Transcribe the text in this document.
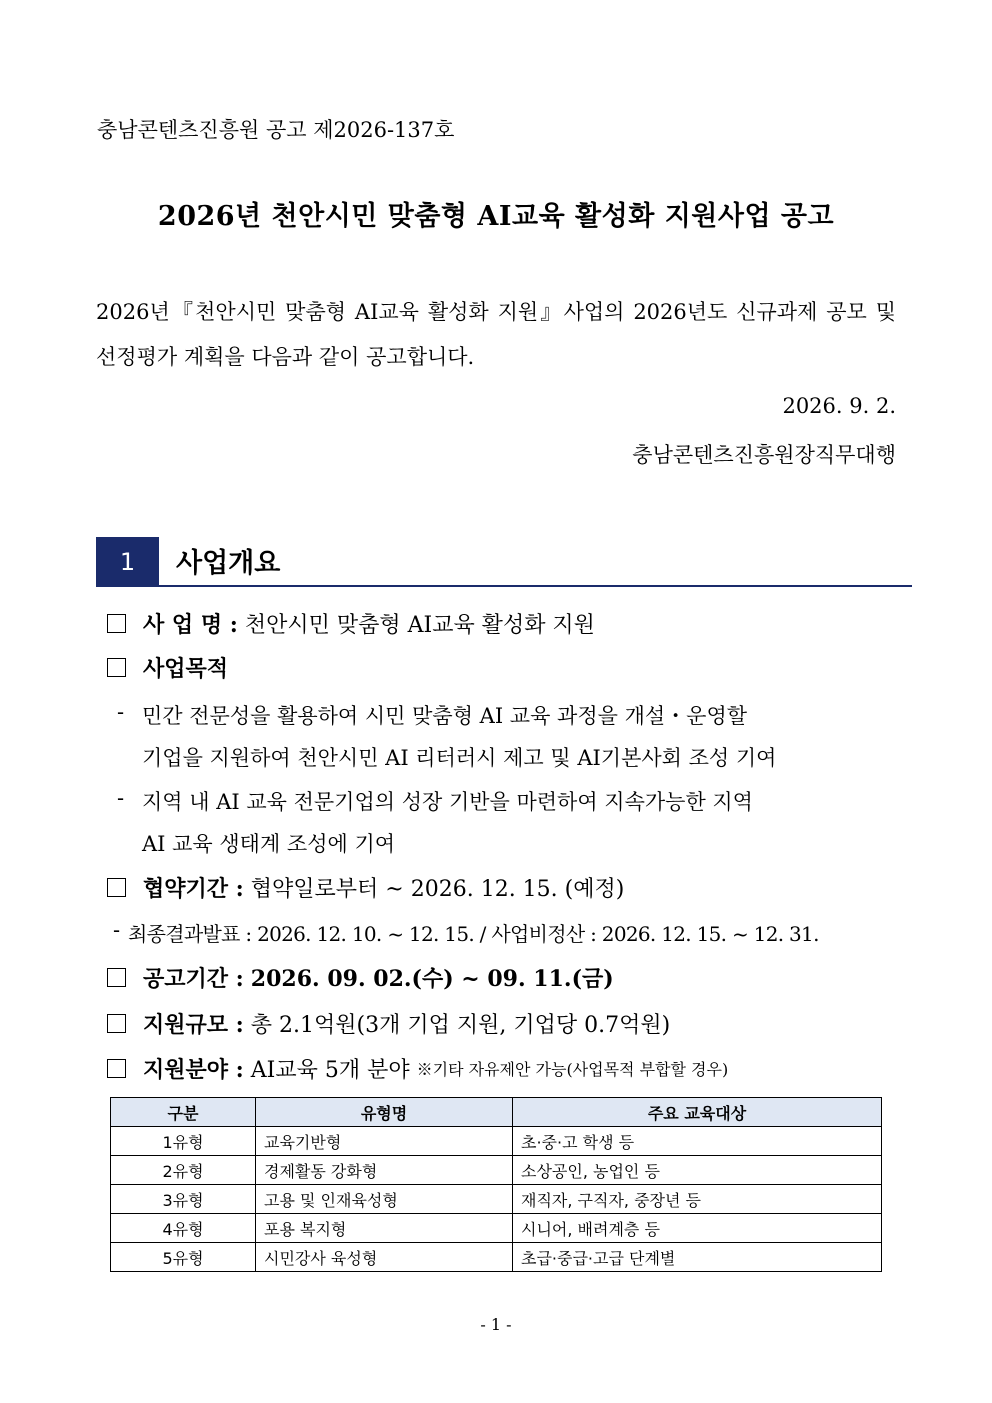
충남콘텐츠진흥원 공고 제2026-137호
2026년 천안시민 맞춤형 AI교육 활성화 지원사업 공고
2026년『천안시민 맞춤형 AI교육 활성화 지원』사업의 2026년도 신규과제 공모 및 선정평가 계획을 다음과 같이 공고합니다.
2026. 9. 2.
충남콘텐츠진흥원장직무대행
1	사업개요
사 업 명 :
천안시민 맞춤형 AI교육 활성화 지원
사업목적
- 민간 전문성을 활용하여 시민 맞춤형 AI 교육 과정을 개설・운영할
기업을 지원하여 천안시민 AI 리터러시 제고 및 AI기본사회 조성 기여
- 지역 내 AI 교육 전문기업의 성장 기반을 마련하여 지속가능한 지역
AI 교육 생태계 조성에 기여
협약기간 :
협약일로부터 ~ 2026. 12. 15. (예정)
- 최종결과발표 : 2026. 12. 10. ~ 12. 15. / 사업비정산 : 2026. 12. 15. ~ 12. 31.
공고기간 :
2026. 09. 02.(수) ~ 09. 11.(금)
지원규모 :
총 2.1억원(3개 기업 지원, 기업당 0.7억원)
지원분야 :
AI교육 5개 분야
※기타 자유제안 가능(사업목적 부합할 경우)
구분	유형명	주요 교육대상
1유형	교육기반형	초·중·고 학생 등
2유형	경제활동 강화형	소상공인, 농업인 등
3유형	고용 및 인재육성형	재직자, 구직자, 중장년 등
4유형	포용 복지형	시니어, 배려계층 등
5유형	시민강사 육성형	초급·중급·고급 단계별
- 1 -
